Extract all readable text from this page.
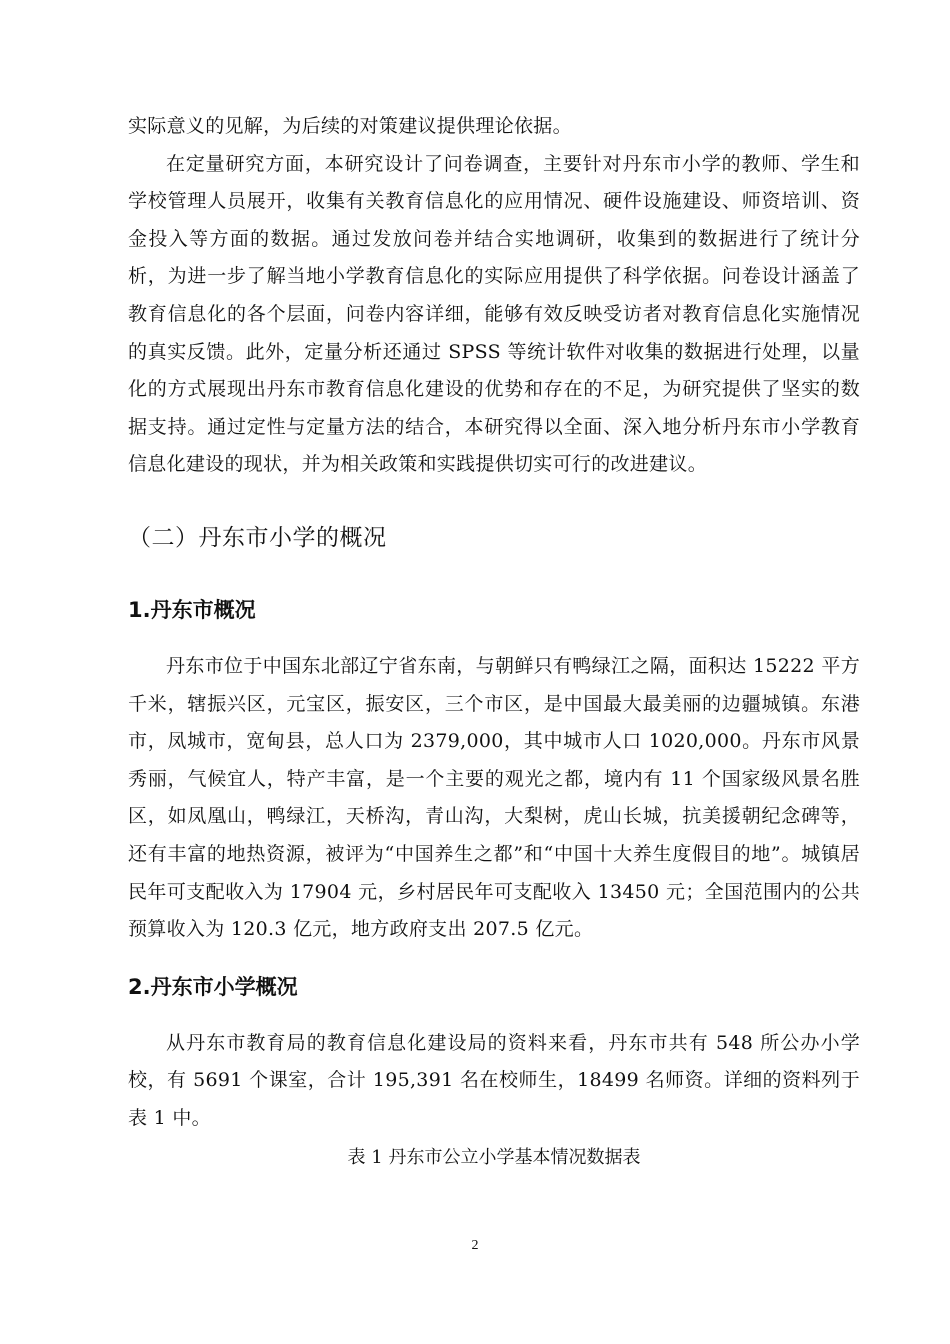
实际意义的见解，为后续的对策建议提供理论依据。

在定量研究方面，本研究设计了问卷调查，主要针对丹东市小学的教师、学生和学校管理人员展开，收集有关教育信息化的应用情况、硬件设施建设、师资培训、资金投入等方面的数据。通过发放问卷并结合实地调研，收集到的数据进行了统计分析，为进一步了解当地小学教育信息化的实际应用提供了科学依据。问卷设计涵盖了教育信息化的各个层面，问卷内容详细，能够有效反映受访者对教育信息化实施情况的真实反馈。此外，定量分析还通过 SPSS 等统计软件对收集的数据进行处理，以量化的方式展现出丹东市教育信息化建设的优势和存在的不足，为研究提供了坚实的数据支持。通过定性与定量方法的结合，本研究得以全面、深入地分析丹东市小学教育信息化建设的现状，并为相关政策和实践提供切实可行的改进建议。

（二）丹东市小学的概况
1.丹东市概况

丹东市位于中国东北部辽宁省东南，与朝鲜只有鸭绿江之隔，面积达 15222 平方千米，辖振兴区，元宝区，振安区，三个市区，是中国最大最美丽的边疆城镇。东港市，凤城市，宽甸县，总人口为 2379,000，其中城市人口 1020,000。丹东市风景秀丽，气候宜人，特产丰富，是一个主要的观光之都，境内有 11 个国家级风景名胜区，如凤凰山，鸭绿江，天桥沟，青山沟，大梨树，虎山长城，抗美援朝纪念碑等，还有丰富的地热资源，被评为“中国养生之都”和“中国十大养生度假目的地”。城镇居民年可支配收入为 17904 元，乡村居民年可支配收入 13450 元；全国范围内的公共预算收入为 120.3 亿元，地方政府支出 207.5 亿元。

2.丹东市小学概况

从丹东市教育局的教育信息化建设局的资料来看，丹东市共有 548 所公办小学校，有 5691 个课室，合计 195,391 名在校师生，18499 名师资。详细的资料列于表 1 中。

表 1 丹东市公立小学基本情况数据表

2
